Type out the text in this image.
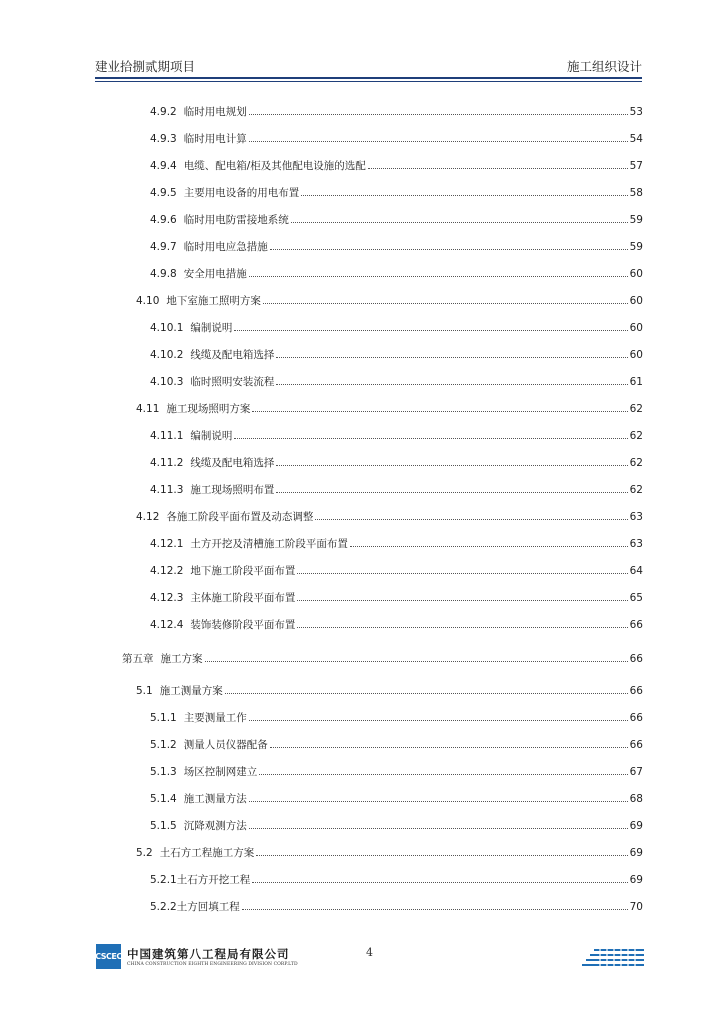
建业拾捌贰期项目	施工组织设计
4.9.2 临时用电规划	53
4.9.3 临时用电计算	54
4.9.4 电缆、配电箱/柜及其他配电设施的选配	57
4.9.5 主要用电设备的用电布置	58
4.9.6 临时用电防雷接地系统	59
4.9.7 临时用电应急措施	59
4.9.8 安全用电措施	60
4.10 地下室施工照明方案	60
4.10.1 编制说明	60
4.10.2 线缆及配电箱选择	60
4.10.3 临时照明安装流程	61
4.11 施工现场照明方案	62
4.11.1 编制说明	62
4.11.2 线缆及配电箱选择	62
4.11.3 施工现场照明布置	62
4.12 各施工阶段平面布置及动态调整	63
4.12.1 土方开挖及清槽施工阶段平面布置	63
4.12.2 地下施工阶段平面布置	64
4.12.3 主体施工阶段平面布置	65
4.12.4 装饰装修阶段平面布置	66
第五章 施工方案	66
5.1 施工测量方案	66
5.1.1 主要测量工作	66
5.1.2 测量人员仪器配备	66
5.1.3 场区控制网建立	67
5.1.4 施工测量方法	68
5.1.5 沉降观测方法	69
5.2 土石方工程施工方案	69
5.2.1 土石方开挖工程	69
5.2.2 土方回填工程	70
CSCEC 中国建筑第八工程局有限公司
CHINA CONSTRUCTION EIGHTH ENGINEERING DIVISION CORP.LTD
4
